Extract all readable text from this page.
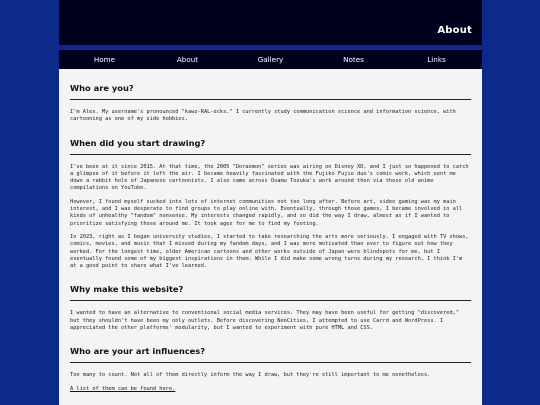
About
Home	About	Gallery	Notes	Links
Who are you?

I'm Alex. My username's pronounced "kawz-RAL-ecks." I currently study communication science and information science, with cartooning as one of my side hobbies.

When did you start drawing?

I've been at it since 2015. At that time, the 2005 "Doraemon" series was airing on Disney XD, and I just so happened to catch a glimpse of it before it left the air. I became heavily fascinated with the Fujiko Fujio duo's comic work, which sent me down a rabbit hole of Japanese cartoonists. I also came across Osamu Tezuka's work around then via those old anime compilations on YouTube.

However, I found myself sucked into lots of internet communities not too long after. Before art, video gaming was my main interest, and I was desperate to find groups to play online with. Eventually, through those games, I became involved in all kinds of unhealthy "fandom" nonsense. My interests changed rapidly, and so did the way I draw, almost as if I wanted to prioritize satisfying those around me. It took ages for me to find my footing.

In 2023, right as I began university studies, I started to take researching the arts more seriously. I engaged with TV shows, comics, movies, and music that I missed during my fandom days, and I was more motivated than ever to figure out how they worked. For the longest time, older American cartoons and other works outside of Japan were blindspots for me, but I eventually found some of my biggest inspirations in them. While I did make some wrong turns during my research, I think I'm at a good point to share what I've learned.

Why make this website?

I wanted to have an alternative to conventional social media services. They may have been useful for getting "discovered," but they shouldn't have been my only outlets. Before discovering NeoCities, I attempted to use Carrd and WordPress. I appreciated the other platforms' modularity, but I wanted to experiment with pure HTML and CSS.

Who are your art influences?

Too many to count. Not all of them directly inform the way I draw, but they're still important to me nonetheless.

A list of them can be found here.
